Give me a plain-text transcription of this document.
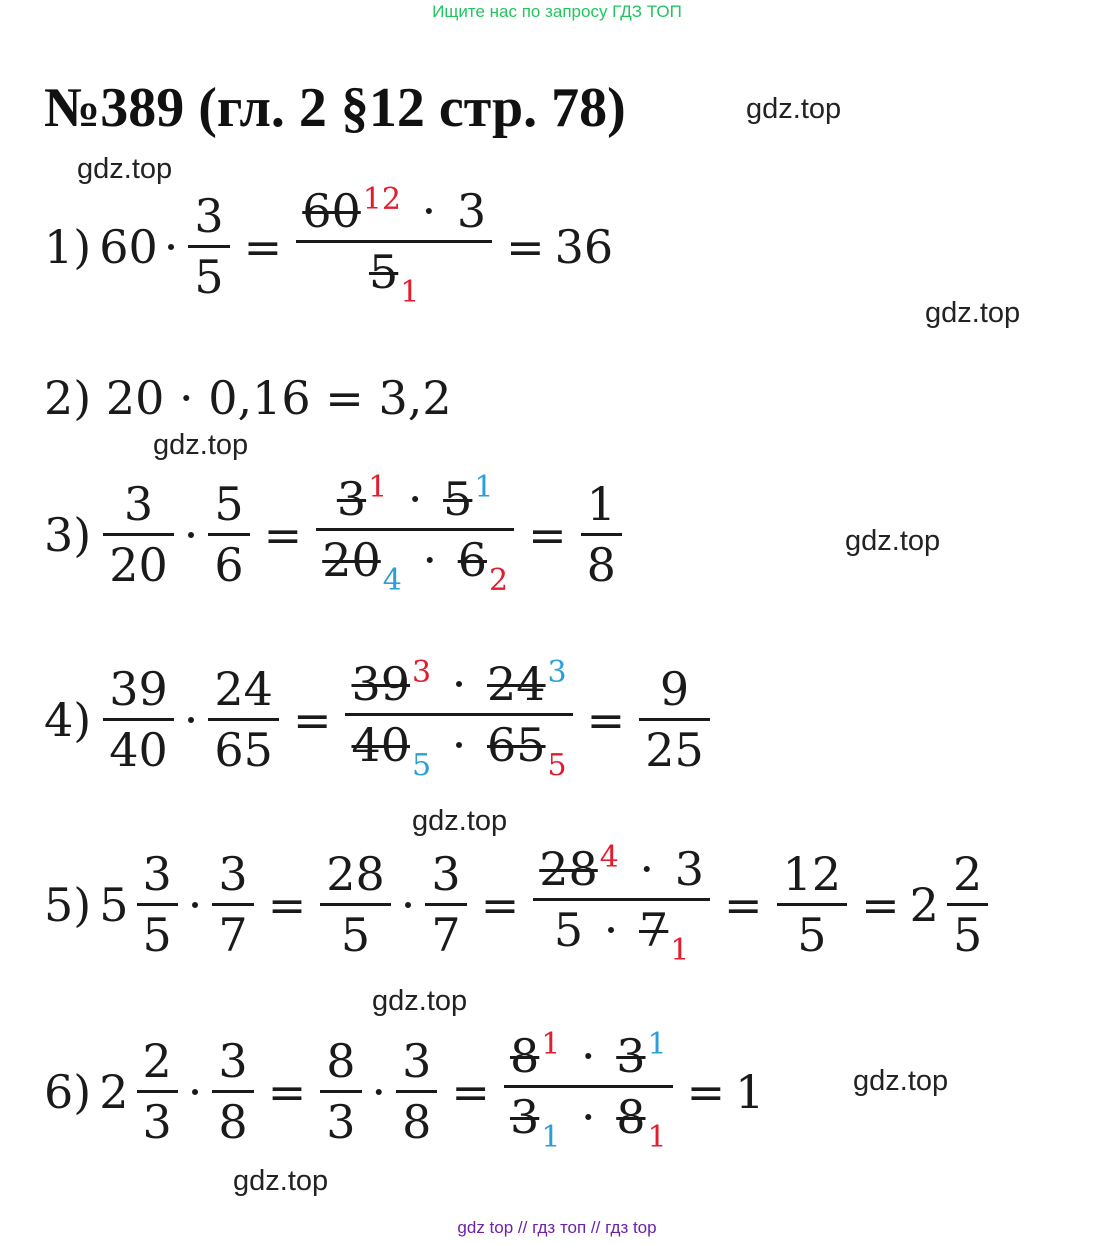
Ищите нас по запросу ГДЗ ТОП
№389 (гл. 2 §12 стр. 78)	gdz.top
gdz.top
gdz.top
gdz.top
gdz.top
gdz.top
gdz.top
gdz.top
gdz.top
1) $60 \cdot \frac{3}{5} = \frac{60^{12} \cdot 3}{5_1} = 36$
2) 20 · 0,16 = 3,2
$3) \frac{3}{20} \cdot \frac{5}{6} = \frac{3^1 \cdot 5^1}{20_4 \cdot 6_2} = \frac{1}{8}$
$4) \frac{39}{40} \cdot \frac{24}{65} = \frac{39^3 \cdot 24^3}{40_5 \cdot 65_5} = \frac{9}{25}$
5) $5 \frac{3}{5} \cdot \frac{3}{7} = \frac{28}{5} \cdot \frac{3}{7} = \frac{28^4 \cdot 3}{5 \cdot 7_1} = \frac{12}{5} = 2 \frac{2}{5}$
6) $2 \frac{2}{3} \cdot \frac{3}{8} = \frac{8}{3} \cdot \frac{3}{8} = \frac{8^1 \cdot 3^1}{3_1 \cdot 8_1} = 1$
gdz top // гдз топ // гдз top
